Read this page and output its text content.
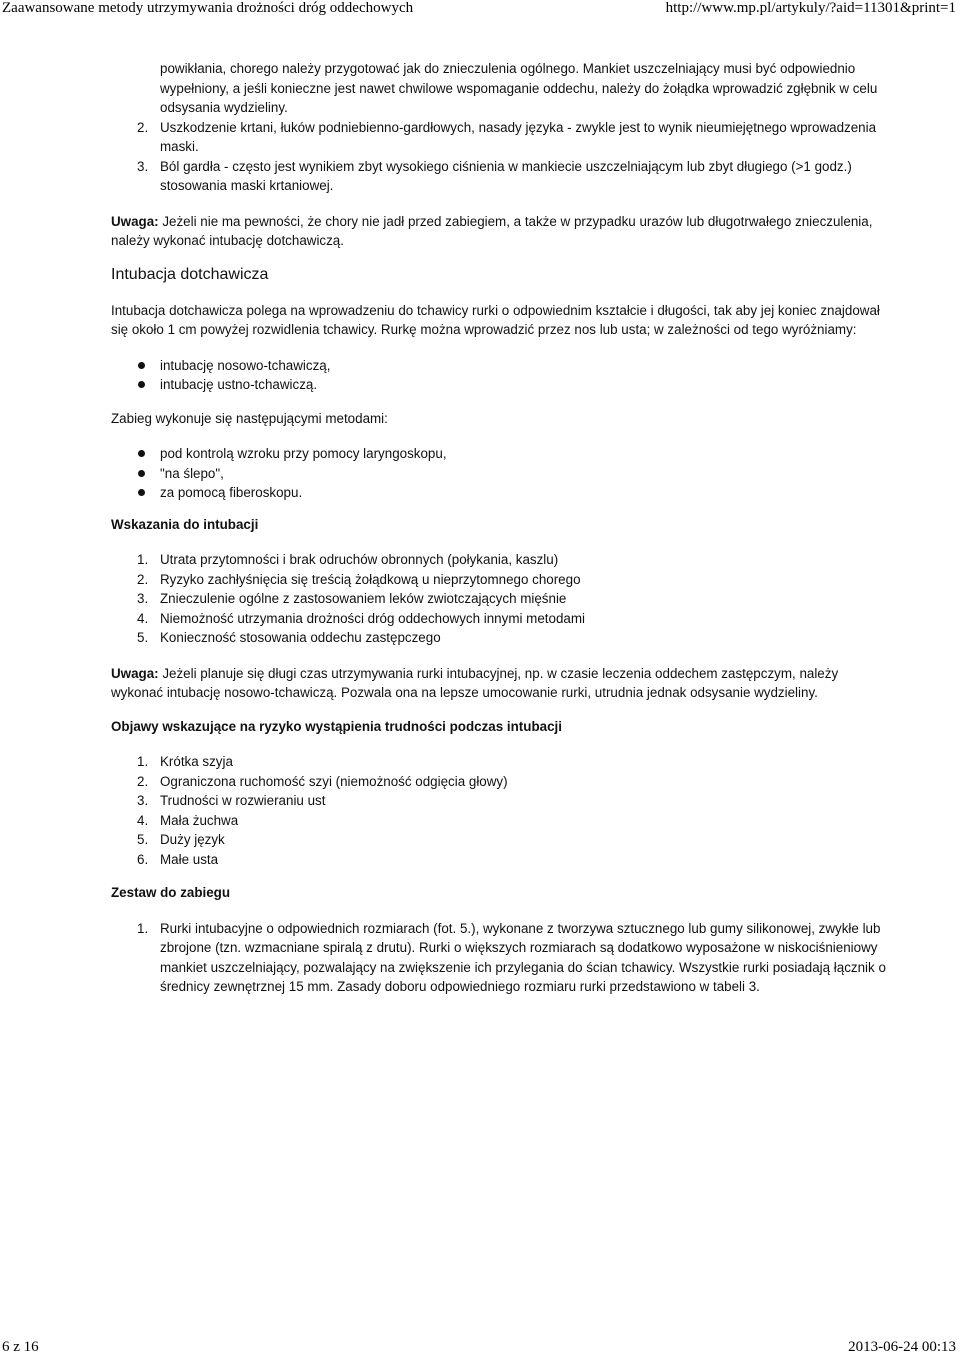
Zaawansowane metody utrzymywania drożności dróg oddechowych	http://www.mp.pl/artykuly/?aid=11301&print=1
powikłania, chorego należy przygotować jak do znieczulenia ogólnego. Mankiet uszczelniający musi być odpowiednio wypełniony, a jeśli konieczne jest nawet chwilowe wspomaganie oddechu, należy do żołądka wprowadzić zgłębnik w celu odsysania wydzieliny.
2. Uszkodzenie krtani, łuków podniebienno-gardłowych, nasady języka - zwykle jest to wynik nieumiejętnego wprowadzenia maski.
3. Ból gardła - często jest wynikiem zbyt wysokiego ciśnienia w mankiecie uszczelniającym lub zbyt długiego (>1 godz.) stosowania maski krtaniowej.

Uwaga: Jeżeli nie ma pewności, że chory nie jadł przed zabiegiem, a także w przypadku urazów lub długotrwałego znieczulenia, należy wykonać intubację dotchawiczą.

Intubacja dotchawicza

Intubacja dotchawicza polega na wprowadzeniu do tchawicy rurki o odpowiednim kształcie i długości, tak aby jej koniec znajdował się około 1 cm powyżej rozwidlenia tchawicy. Rurkę można wprowadzić przez nos lub usta; w zależności od tego wyróżniamy:

intubację nosowo-tchawiczą,
intubację ustno-tchawiczą.

Zabieg wykonuje się następującymi metodami:

pod kontrolą wzroku przy pomocy laryngoskopu,
"na ślepo",
za pomocą fiberoskopu.
Wskazania do intubacji
1. Utrata przytomności i brak odruchów obronnych (połykania, kaszlu)
2. Ryzyko zachłyśnięcia się treścią żołądkową u nieprzytomnego chorego
3. Znieczulenie ogólne z zastosowaniem leków zwiotczających mięśnie
4. Niemożność utrzymania drożności dróg oddechowych innymi metodami
5. Konieczność stosowania oddechu zastępczego

Uwaga: Jeżeli planuje się długi czas utrzymywania rurki intubacyjnej, np. w czasie leczenia oddechem zastępczym, należy wykonać intubację nosowo-tchawiczą. Pozwala ona na lepsze umocowanie rurki, utrudnia jednak odsysanie wydzieliny.

Objawy wskazujące na ryzyko wystąpienia trudności podczas intubacji
1. Krótka szyja
2. Ograniczona ruchomość szyi (niemożność odgięcia głowy)
3. Trudności w rozwieraniu ust
4. Mała żuchwa
5. Duży język
6. Małe usta
Zestaw do zabiegu
1. Rurki intubacyjne o odpowiednich rozmiarach (fot. 5.), wykonane z tworzywa sztucznego lub gumy silikonowej, zwykłe lub zbrojone (tzn. wzmacniane spiralą z drutu). Rurki o większych rozmiarach są dodatkowo wyposażone w niskociśnieniowy mankiet uszczelniający, pozwalający na zwiększenie ich przylegania do ścian tchawicy. Wszystkie rurki posiadają łącznik o średnicy zewnętrznej 15 mm. Zasady doboru odpowiedniego rozmiaru rurki przedstawiono w tabeli 3.
6 z 16	2013-06-24 00:13
